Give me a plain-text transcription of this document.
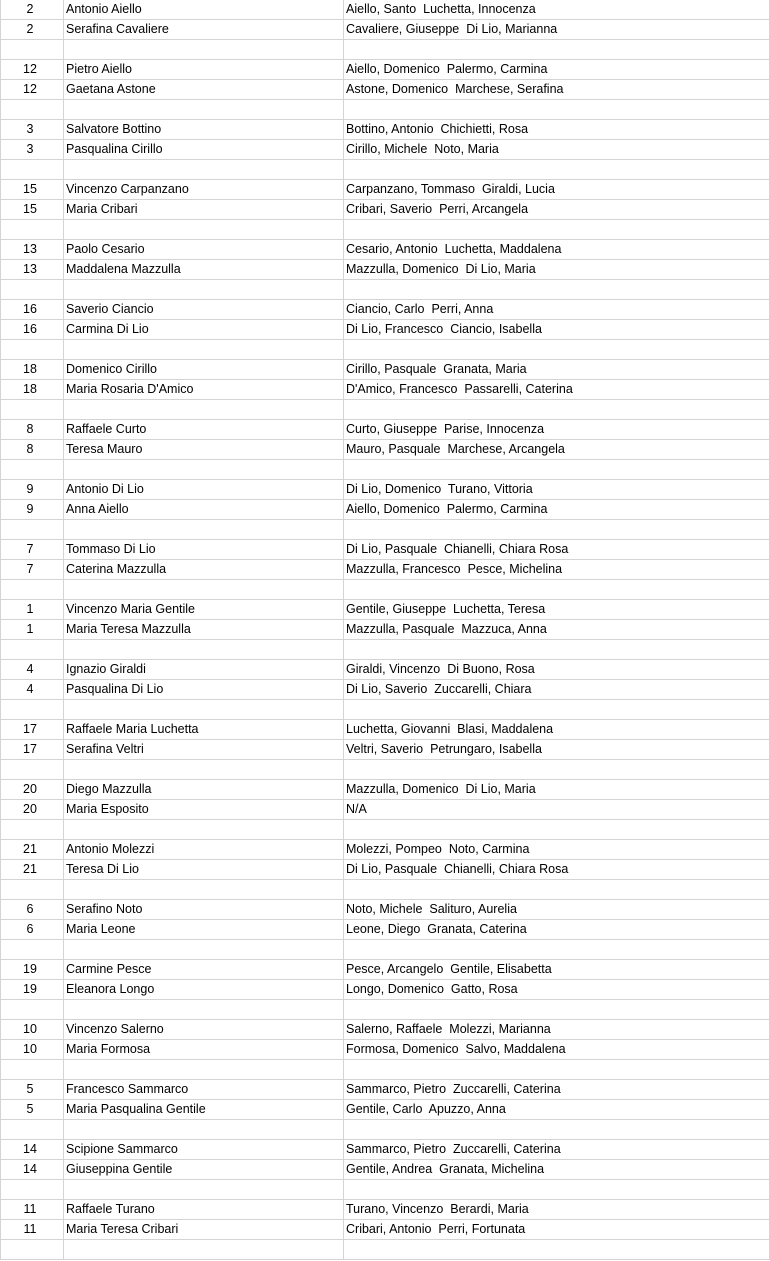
2	Antonio Aiello	Aiello, Santo  Luchetta, Innocenza
2	Serafina Cavaliere	Cavaliere, Giuseppe  Di Lio, Marianna

12	Pietro Aiello	Aiello, Domenico  Palermo, Carmina
12	Gaetana Astone	Astone, Domenico  Marchese, Serafina

3	Salvatore Bottino	Bottino, Antonio  Chichietti, Rosa
3	Pasqualina Cirillo	Cirillo, Michele  Noto, Maria

15	Vincenzo Carpanzano	Carpanzano, Tommaso  Giraldi, Lucia
15	Maria Cribari	Cribari, Saverio  Perri, Arcangela

13	Paolo Cesario	Cesario, Antonio  Luchetta, Maddalena
13	Maddalena Mazzulla	Mazzulla, Domenico  Di Lio, Maria

16	Saverio Ciancio	Ciancio, Carlo  Perri, Anna
16	Carmina Di Lio	Di Lio, Francesco  Ciancio, Isabella

18	Domenico Cirillo	Cirillo, Pasquale  Granata, Maria
18	Maria Rosaria D'Amico	D'Amico, Francesco  Passarelli, Caterina

8	Raffaele Curto	Curto, Giuseppe  Parise, Innocenza
8	Teresa Mauro	Mauro, Pasquale  Marchese, Arcangela

9	Antonio Di Lio	Di Lio, Domenico  Turano, Vittoria
9	Anna Aiello	Aiello, Domenico  Palermo, Carmina

7	Tommaso Di Lio	Di Lio, Pasquale  Chianelli, Chiara Rosa
7	Caterina Mazzulla	Mazzulla, Francesco  Pesce, Michelina

1	Vincenzo Maria Gentile	Gentile, Giuseppe  Luchetta, Teresa
1	Maria Teresa Mazzulla	Mazzulla, Pasquale  Mazzuca, Anna

4	Ignazio Giraldi	Giraldi, Vincenzo  Di Buono, Rosa
4	Pasqualina Di Lio	Di Lio, Saverio  Zuccarelli, Chiara

17	Raffaele Maria Luchetta	Luchetta, Giovanni  Blasi, Maddalena
17	Serafina Veltri	Veltri, Saverio  Petrungaro, Isabella

20	Diego Mazzulla	Mazzulla, Domenico  Di Lio, Maria
20	Maria Esposito	N/A

21	Antonio Molezzi	Molezzi, Pompeo  Noto, Carmina
21	Teresa Di Lio	Di Lio, Pasquale  Chianelli, Chiara Rosa

6	Serafino Noto	Noto, Michele  Salituro, Aurelia
6	Maria Leone	Leone, Diego  Granata, Caterina

19	Carmine Pesce	Pesce, Arcangelo  Gentile, Elisabetta
19	Eleanora Longo	Longo, Domenico  Gatto, Rosa

10	Vincenzo Salerno	Salerno, Raffaele  Molezzi, Marianna
10	Maria Formosa	Formosa, Domenico  Salvo, Maddalena

5	Francesco Sammarco	Sammarco, Pietro  Zuccarelli, Caterina
5	Maria Pasqualina Gentile	Gentile, Carlo  Apuzzo, Anna

14	Scipione Sammarco	Sammarco, Pietro  Zuccarelli, Caterina
14	Giuseppina Gentile	Gentile, Andrea  Granata, Michelina

11	Raffaele Turano	Turano, Vincenzo  Berardi, Maria
11	Maria Teresa Cribari	Cribari, Antonio  Perri, Fortunata
